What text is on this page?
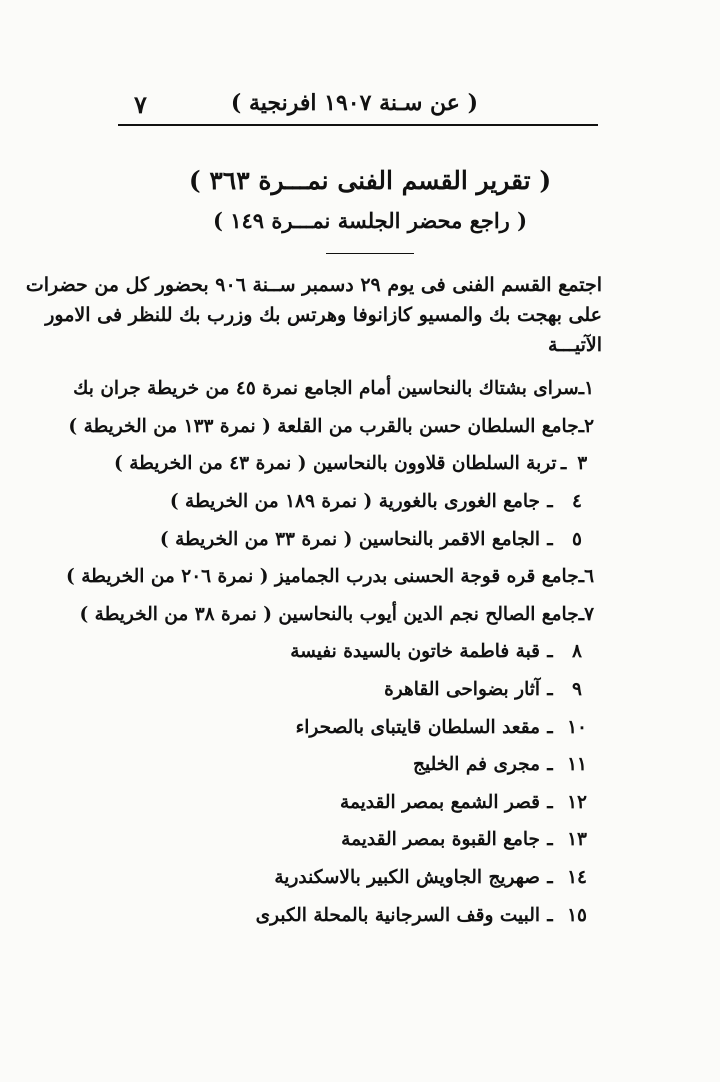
( عن سـنة ١٩٠٧ افرنجية )
٧
( تقرير القسم الفنى نمـــرة ٣٦٣ )
( راجع محضر الجلسة نمـــرة ١٤٩ )
اجتمع القسم الفنى فى يوم ٢٩ دسمبر ســنة ٩٠٦ بحضور كل من حضرات
على بهجت بك والمسيو كازانوفا وهرتس بك وزرب بك للنظر فى الامور
الآتيـــة
١
ـ
سراى بشتاك بالنحاسين أمام الجامع نمرة ٤٥ من خريطة جران بك
٢
ـ
جامع السلطان حسن بالقرب من القلعة ( نمرة ١٣٣ من الخريطة )
٣
ـ
تربة السلطان قلاوون بالنحاسين ( نمرة ٤٣ من الخريطة )
٤
ـ
جامع الغورى بالغورية ( نمرة ١٨٩ من الخريطة )
٥
ـ
الجامع الاقمر بالنحاسين ( نمرة ٣٣ من الخريطة )
٦
ـ
جامع قره قوجة الحسنى بدرب الجماميز ( نمرة ٢٠٦ من الخريطة )
٧
ـ
جامع الصالح نجم الدين أيوب بالنحاسين ( نمرة ٣٨ من الخريطة )
٨
ـ
قبة فاطمة خاتون بالسيدة نفيسة
٩
ـ
آثار بضواحى القاهرة
١٠
ـ
مقعد السلطان قايتباى بالصحراء
١١
ـ
مجرى فم الخليج
١٢
ـ
قصر الشمع بمصر القديمة
١٣
ـ
جامع القبوة بمصر القديمة
١٤
ـ
صهريج الجاويش الكبير بالاسكندرية
١٥
ـ
البيت وقف السرجانية بالمحلة الكبرى
